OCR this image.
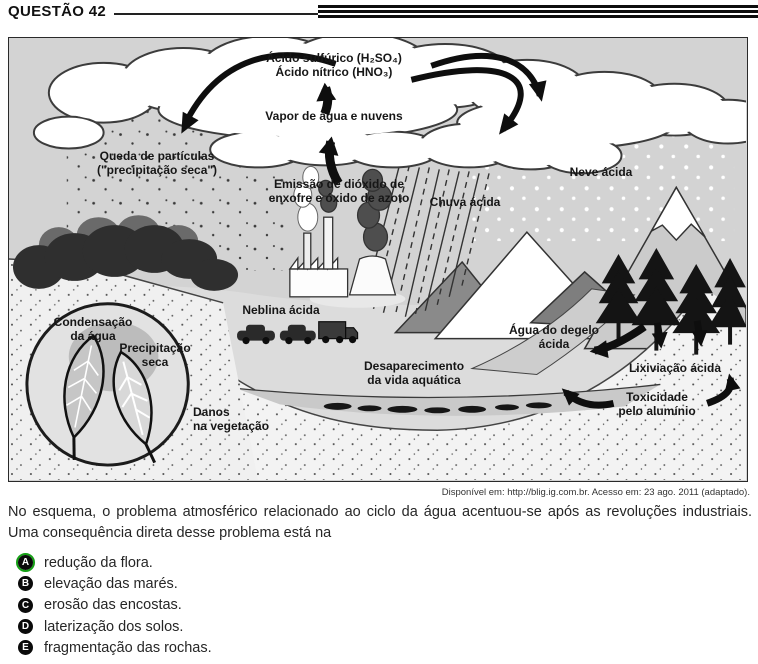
QUESTÃO 42
Ácido sulfúrico (H₂SO₄)
Ácido nítrico (HNO₃)
Vapor de água e nuvens
Queda de partículas
("precipitação seca")
Emissão de dióxido de
enxofre e óxido de azoto Chuva ácida
Neve ácida
Neblina ácida
Desaparecimento
da vida aquática
Água do degelo
ácida
Lixiviação ácida
Toxicidade
pelo alumínio
Danos
na vegetação
Condensação
da água
Precipitação
seca
Disponível em: http://blig.ig.com.br. Acesso em: 23 ago. 2011 (adaptado).
No esquema, o problema atmosférico relacionado ao ciclo da água acentuou-se após as revoluções industriais. Uma consequência direta desse problema está na
A redução da flora.
B elevação das marés.
C erosão das encostas.
D laterização dos solos.
E fragmentação das rochas.
